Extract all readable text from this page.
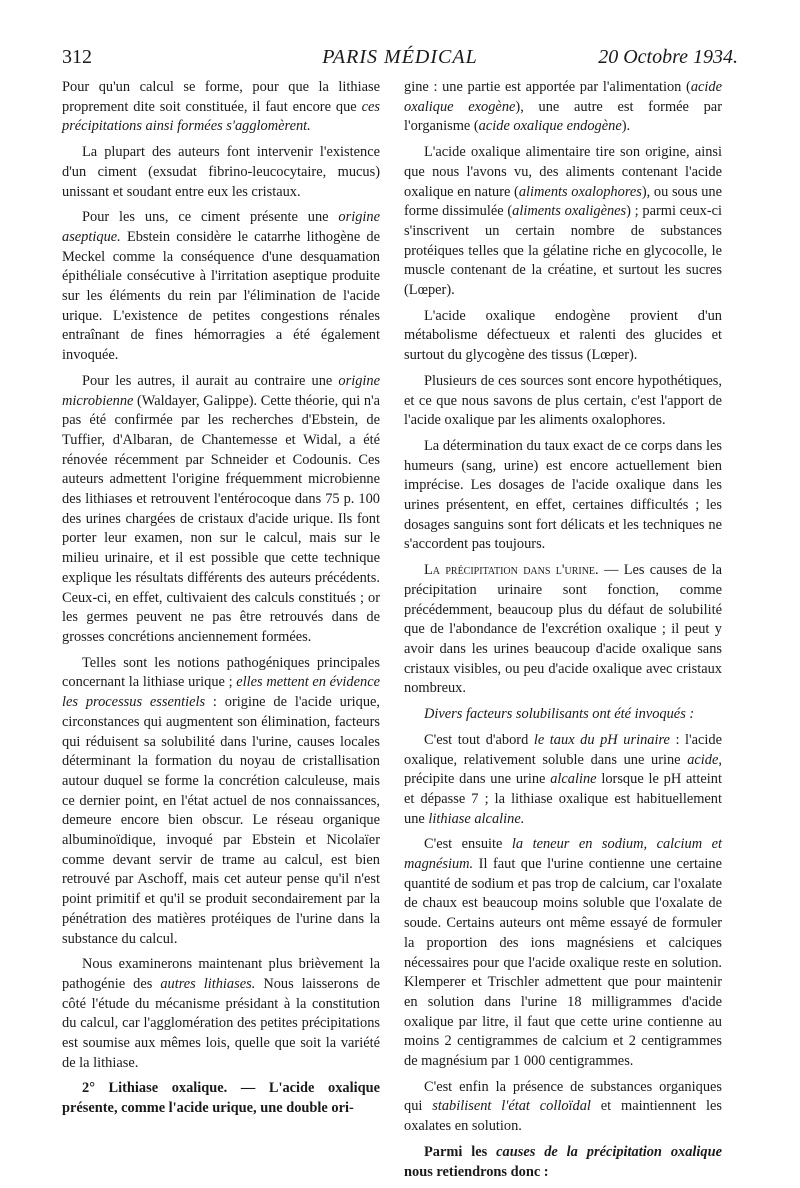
312	PARIS MÉDICAL	20 Octobre 1934.

Pour qu'un calcul se forme, pour que la lithiase proprement dite soit constituée, il faut encore que ces précipitations ainsi formées s'agglomèrent.

La plupart des auteurs font intervenir l'existence d'un ciment (exsudat fibrino-leucocytaire, mucus) unissant et soudant entre eux les cristaux.

Pour les uns, ce ciment présente une origine aseptique. Ebstein considère le catarrhe lithogène de Meckel comme la conséquence d'une desquamation épithéliale consécutive à l'irritation aseptique produite sur les éléments du rein par l'élimination de l'acide urique. L'existence de petites congestions rénales entraînant de fines hémorragies a été également invoquée.

Pour les autres, il aurait au contraire une origine microbienne (Waldayer, Galippe). Cette théorie, qui n'a pas été confirmée par les recherches d'Ebstein, de Tuffier, d'Albaran, de Chantemesse et Widal, a été rénovée récemment par Schneider et Codounis. Ces auteurs admettent l'origine fréquemment microbienne des lithiases et retrouvent l'entérocoque dans 75 p. 100 des urines chargées de cristaux d'acide urique. Ils font porter leur examen, non sur le calcul, mais sur le milieu urinaire, et il est possible que cette technique explique les résultats différents des auteurs précédents. Ceux-ci, en effet, cultivaient des calculs constitués ; or les germes peuvent ne pas être retrouvés dans de grosses concrétions anciennement formées.

Telles sont les notions pathogéniques principales concernant la lithiase urique ; elles mettent en évidence les processus essentiels : origine de l'acide urique, circonstances qui augmentent son élimination, facteurs qui réduisent sa solubilité dans l'urine, causes locales déterminant la formation du noyau de cristallisation autour duquel se forme la concrétion calculeuse, mais ce dernier point, en l'état actuel de nos connaissances, demeure encore bien obscur. Le réseau organique albuminoïdique, invoqué par Ebstein et Nicolaïer comme devant servir de trame au calcul, est bien retrouvé par Aschoff, mais cet auteur pense qu'il n'est point primitif et qu'il se produit secondairement par la pénétration des matières protéiques de l'urine dans la substance du calcul.

Nous examinerons maintenant plus brièvement la pathogénie des autres lithiases. Nous laisserons de côté l'étude du mécanisme présidant à la constitution du calcul, car l'agglomération des petites précipitations est soumise aux mêmes lois, quelle que soit la variété de la lithiase.

2° Lithiase oxalique. — L'acide oxalique présente, comme l'acide urique, une double ori-

gine : une partie est apportée par l'alimentation (acide oxalique exogène), une autre est formée par l'organisme (acide oxalique endogène).

L'acide oxalique alimentaire tire son origine, ainsi que nous l'avons vu, des aliments contenant l'acide oxalique en nature (aliments oxalophores), ou sous une forme dissimulée (aliments oxaligènes) ; parmi ceux-ci s'inscrivent un certain nombre de substances protéiques telles que la gélatine riche en glycocolle, le muscle contenant de la créatine, et surtout les sucres (Lœper).

L'acide oxalique endogène provient d'un métabolisme défectueux et ralenti des glucides et surtout du glycogène des tissus (Lœper).

Plusieurs de ces sources sont encore hypothétiques, et ce que nous savons de plus certain, c'est l'apport de l'acide oxalique par les aliments oxalophores.

La détermination du taux exact de ce corps dans les humeurs (sang, urine) est encore actuellement bien imprécise. Les dosages de l'acide oxalique dans les urines présentent, en effet, certaines difficultés ; les dosages sanguins sont fort délicats et les techniques ne s'accordent pas toujours.

La précipitation dans l'urine. — Les causes de la précipitation urinaire sont fonction, comme précédemment, beaucoup plus du défaut de solubilité que de l'abondance de l'excrétion oxalique ; il peut y avoir dans les urines beaucoup d'acide oxalique sans cristaux visibles, ou peu d'acide oxalique avec cristaux nombreux.

Divers facteurs solubilisants ont été invoqués :

C'est tout d'abord le taux du pH urinaire : l'acide oxalique, relativement soluble dans une urine acide, précipite dans une urine alcaline lorsque le pH atteint et dépasse 7 ; la lithiase oxalique est habituellement une lithiase alcaline.

C'est ensuite la teneur en sodium, calcium et magnésium. Il faut que l'urine contienne une certaine quantité de sodium et pas trop de calcium, car l'oxalate de chaux est beaucoup moins soluble que l'oxalate de soude. Certains auteurs ont même essayé de formuler la proportion des ions magnésiens et calciques nécessaires pour que l'acide oxalique reste en solution. Klemperer et Trischler admettent que pour maintenir en solution dans l'urine 18 milligrammes d'acide oxalique par litre, il faut que cette urine contienne au moins 2 centigrammes de calcium et 2 centigrammes de magnésium par 1 000 centigrammes.

C'est enfin la présence de substances organiques qui stabilisent l'état colloïdal et maintiennent les oxalates en solution.

Parmi les causes de la précipitation oxalique nous retiendrons donc :
